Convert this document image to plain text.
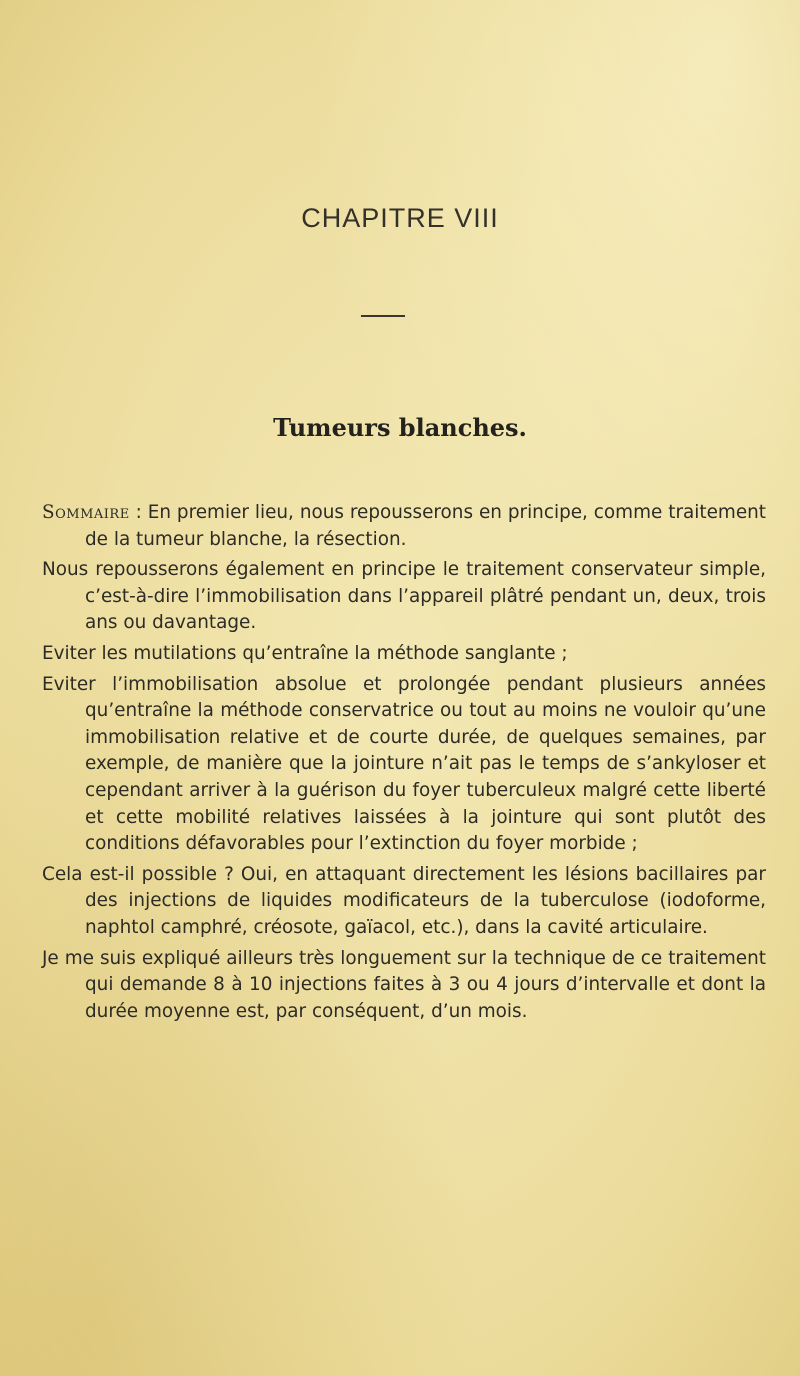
CHAPITRE VIII
Tumeurs blanches.

Sommaire : En premier lieu, nous repousserons en principe, comme traitement de la tumeur blanche, la résection.

Nous repousserons également en principe le traitement conservateur simple, c’est-à-dire l’immobilisation dans l’appareil plâtré pendant un, deux, trois ans ou davantage.

Eviter les mutilations qu’entraîne la méthode sanglante ;

Eviter l’immobilisation absolue et prolongée pendant plusieurs années qu’entraîne la méthode conservatrice ou tout au moins ne vouloir qu’une immobilisation relative et de courte durée, de quelques semaines, par exemple, de manière que la jointure n’ait pas le temps de s’ankyloser et cependant arriver à la guérison du foyer tuberculeux malgré cette liberté et cette mobilité relatives laissées à la jointure qui sont plutôt des conditions défavorables pour l’extinction du foyer morbide ;

Cela est-il possible ? Oui, en attaquant directement les lésions bacillaires par des injections de liquides modificateurs de la tuberculose (iodoforme, naphtol camphré, créosote, gaïacol, etc.), dans la cavité articulaire.

Je me suis expliqué ailleurs très longuement sur la technique de ce traitement qui demande 8 à 10 injections faites à 3 ou 4 jours d’intervalle et dont la durée moyenne est, par conséquent, d’un mois.
